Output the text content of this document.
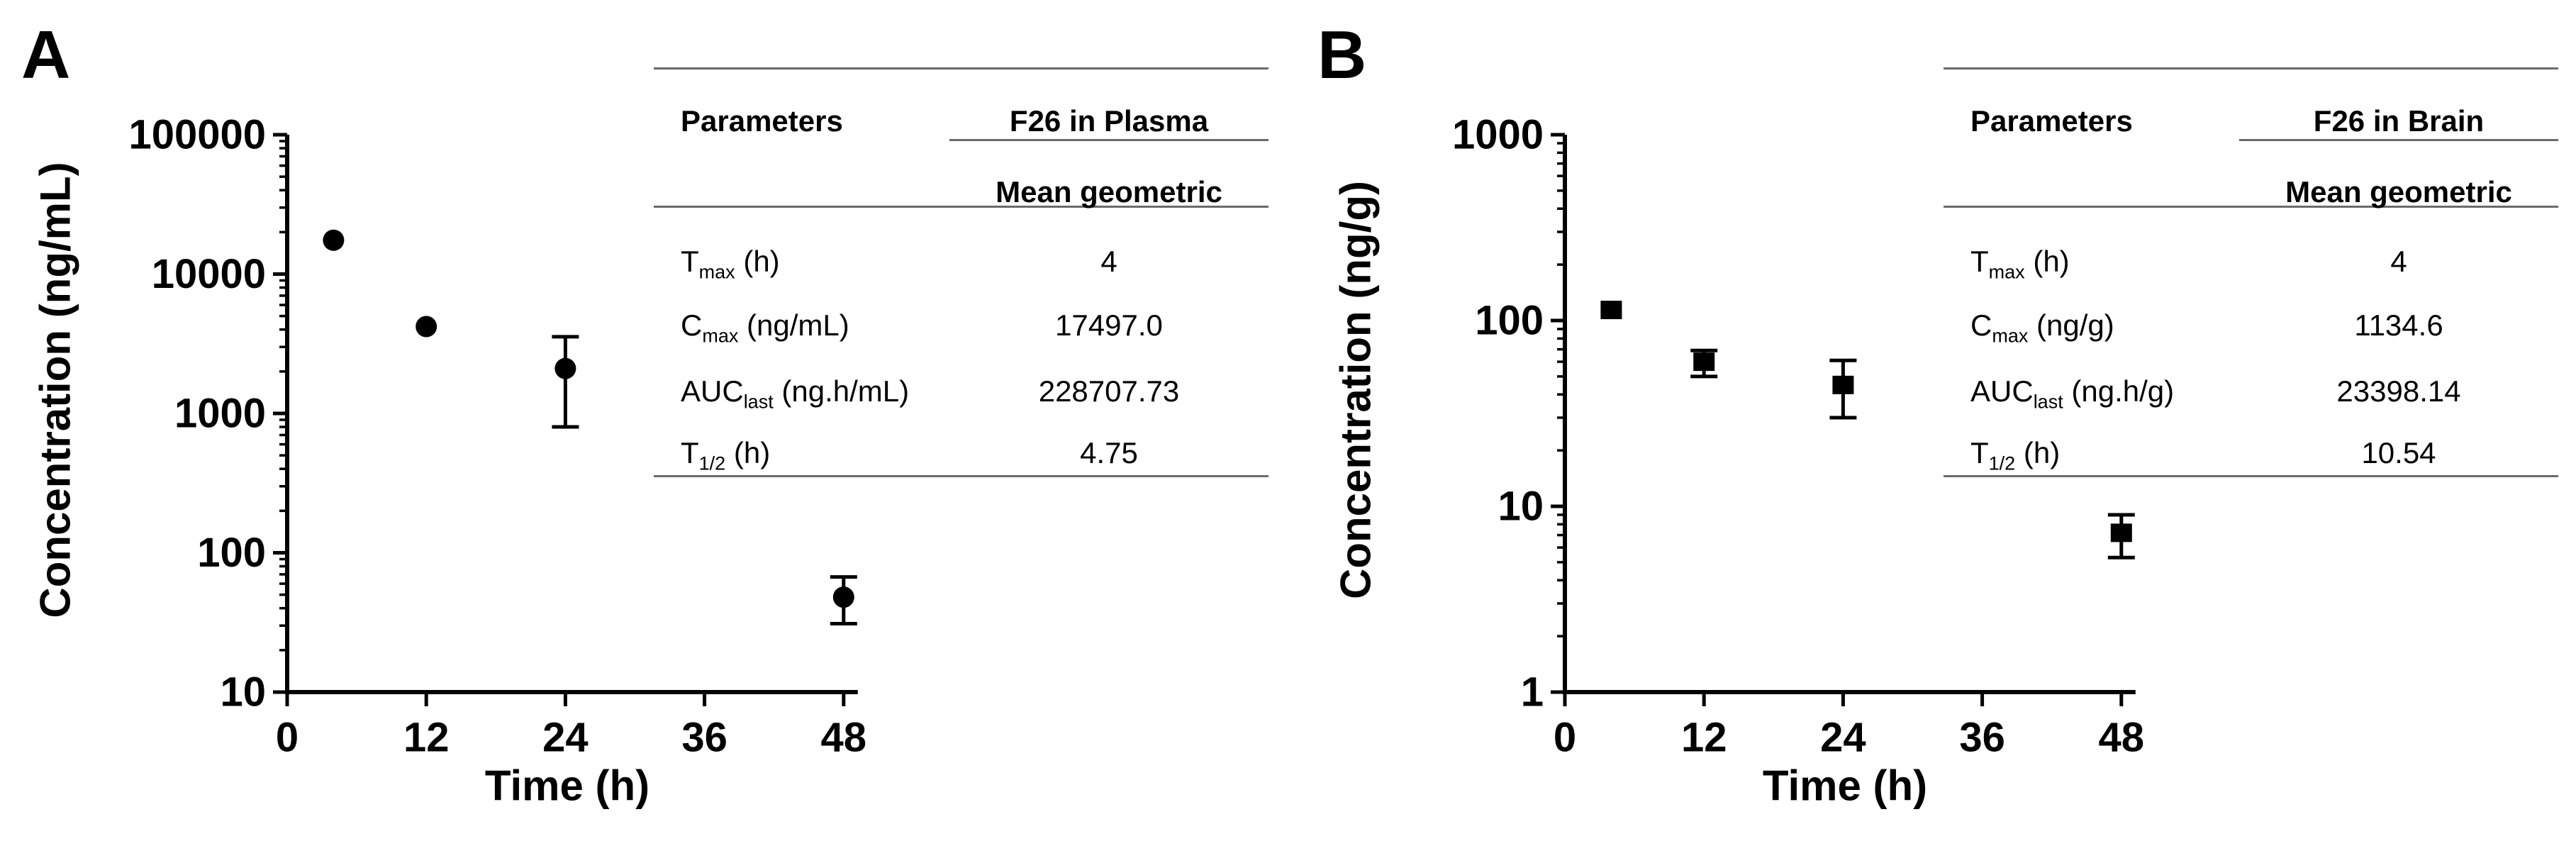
10
100
1000
10000
100000
0	12 24 36 48
1
10
100
1000
0	12 24 36 48
A
Concentration (ng/mL)
Time (h)
Parameters	F26 in Plasma
Mean geometric
$T_{max}$ (h)	4
$C_{max}$ (ng/mL)	17497.0
$AUC_{last}$ (ng.h/mL)	228707.73
$T_{1/2}$ (h)	4.75
B
Concentration (ng/g)
Time (h)
Parameters	F26 in Brain
Mean geometric
$T_{max}$ (h)	4
$C_{max}$ (ng/g)	1134.6
$AUC_{last}$ (ng.h/g)	23398.14
$T_{1/2}$ (h)	10.54
